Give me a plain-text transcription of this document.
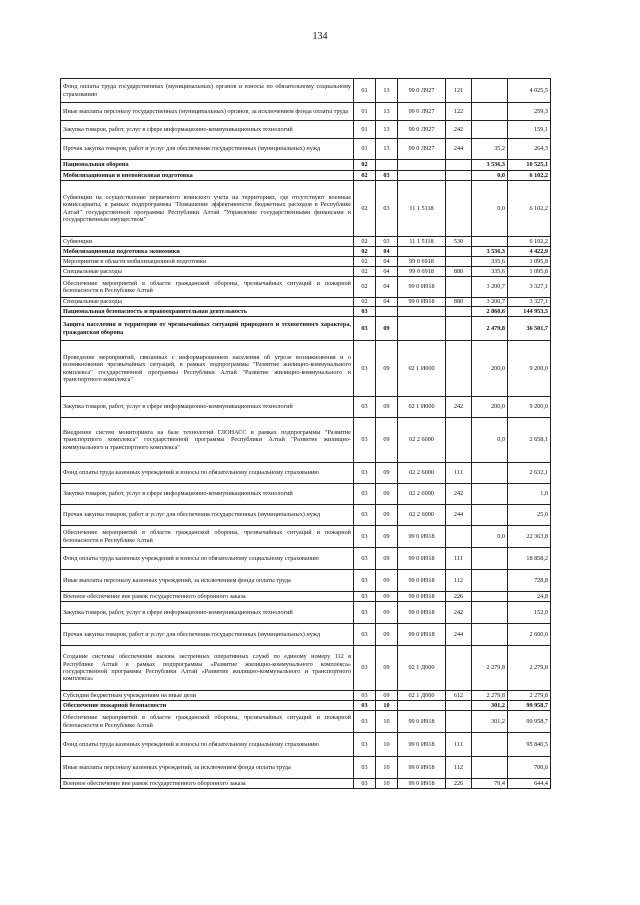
134
Фонд оплаты труда государственных (муниципальных) органов и взносы по обязательному социальному страхованию	01	13	99 0 Л927	121		4 025,5
Иные выплаты персоналу государственных (муниципальных) органов, за исключением фонда оплаты труда	01	13	99 0 Л927	122		259,3
Закупка товаров, работ, услуг в сфере информационно-коммуникационных технологий	01	13	99 0 Л927	242		159,1
Прочая закупка товаров, работ и услуг для обеспечения государственных (муниципальных) нужд	01	13	99 0 Л927	244	35,2	264,3
Национальная оборона	02				3 536,3	10 525,1
Мобилизационная и вневойсковая подготовка	02	03			0,0	6 102,2
Субвенции на осуществление первичного воинского учета на территориях, где отсутствуют военные комиссариаты, в рамках подпрограммы "Повышение эффективности бюджетных расходов в Республике Алтай" государственной программы Республики Алтай "Управление государственными финансами и государственным имуществом"	02	03	11 1 5118		0,0	6 102,2
Субвенции	02	03	11 1 5118	530		6 102,2
Мобилизационная подготовка экономики	02	04			3 536,3	4 422,9
Мероприятия в области мобилизационной подготовки	02	04	99 0 6918		335,6	1 095,8
Специальные расходы	02	04	99 0 6918	880	335,6	1 095,8
Обеспечение мероприятий в области гражданской обороны, чрезвычайных ситуаций и пожарной безопасности в Республике Алтай	02	04	99 0 И918		3 200,7	3 327,1
Специальные расходы	02	04	99 0 И918	880	3 200,7	3 327,1
Национальная безопасность и правоохранительная деятельность	03				2 860,6	144 953,5
Защита населения и территории от чрезвычайных ситуаций природного и техногенного характера, гражданская оборона	03	09			2 479,8	36 501,7
Проведение мероприятий, связанных с информированием населения об угрозе возникновения и о возникновении чрезвычайных ситуаций, в рамках подпрограммы "Развитие жилищно-коммунального комплекса" государственной программы Республики Алтай "Развитие жилищно-коммунального и транспортного комплекса"	03	09	02 1 И000		200,0	9 200,0
Закупка товаров, работ, услуг в сфере информационно-коммуникационных технологий	03	09	02 1 И000	242	200,0	9 200,0
Внедрение систем мониторинга на базе технологий ГЛОНАСС в рамках подпрограммы "Развитие транспортного комплекса" государственной программы Республики Алтай "Развитие жилищно-коммунального и транспортного комплекса"	03	09	02 2 6000		0,0	2 658,1
Фонд оплаты труда казенных учреждений и взносы по обязательному социальному страхованию	03	09	02 2 6000	111		2 632,1
Закупка товаров, работ, услуг в сфере информационно-коммуникационных технологий	03	09	02 2 6000	242		1,0
Прочая закупка товаров, работ и услуг для обеспечения государственных (муниципальных) нужд	03	09	02 2 6000	244		25,0
Обеспечение мероприятий в области гражданской обороны, чрезвычайных ситуаций и пожарной безопасности в Республике Алтай	03	09	99 0 И918		0,0	22 363,8
Фонд оплаты труда казенных учреждений и взносы по обязательному социальному страхованию	03	09	99 0 И918	111		18 858,2
Иные выплаты персоналу казенных учреждений, за исключением фонда оплаты труда	03	09	99 0 И918	112		728,8
Военное обеспечение вне рамок государственного оборонного заказа	03	09	99 0 И918	226		24,8
Закупка товаров, работ, услуг в сфере информационно-коммуникационных технологий	03	09	99 0 И918	242		152,0
Прочая закупка товаров, работ и услуг для обеспечения государственных (муниципальных) нужд	03	09	99 0 И918	244		2 600,0
Создание системы обеспечения вызова экстренных оперативных служб по единому номеру 112 в Республике Алтай в рамках подпрограммы «Развитие жилищно-коммунального комплекса» государственной программы Республики Алтай «Развитие жилищно-коммунального и транспортного комплекса»	03	09	02 1 Д000		2 279,8	2 279,8
Субсидии бюджетным учреждениям на иные цели	03	09	02 1 Д000	612	2 279,8	2 279,8
Обеспечение пожарной безопасности	03	10			301,2	99 958,7
Обеспечение мероприятий в области гражданской обороны, чрезвычайных ситуаций и пожарной безопасности в Республике Алтай	03	10	99 0 И918		301,2	99 958,7
Фонд оплаты труда казенных учреждений и взносы по обязательному социальному страхованию	03	10	99 0 И918	111		95 840,5
Иные выплаты персоналу казенных учреждений, за исключением фонда оплаты труда	03	10	99 0 И918	112		700,0
Военное обеспечение вне рамок государственного оборонного заказа	03	10	99 0 И918	226	79,4	644,4
